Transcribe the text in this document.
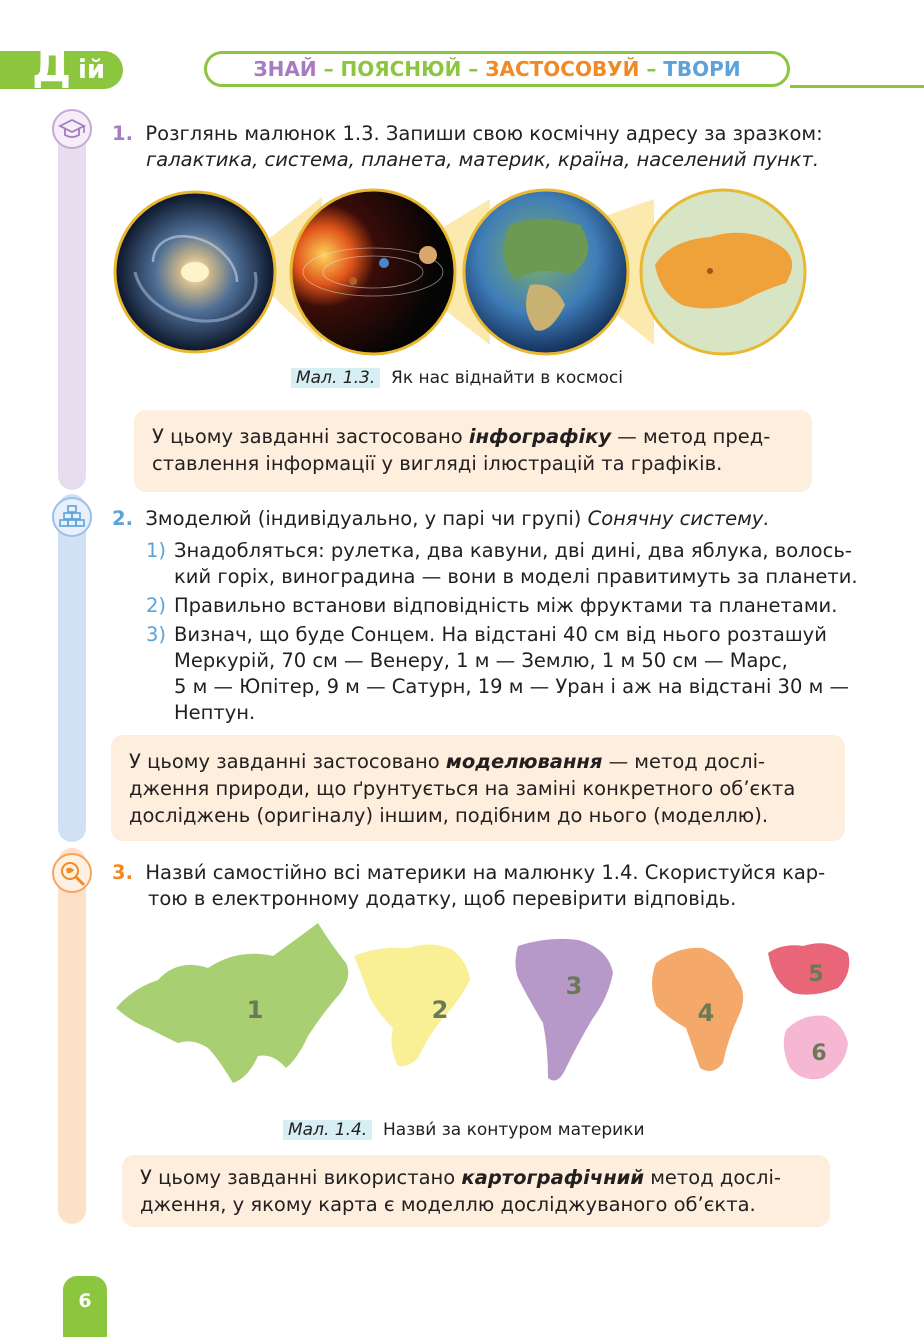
Д ій	ЗНАЙ – ПОЯСНЮЙ – ЗАСТОСОВУЙ – ТВОРИ
1. Розглянь малюнок 1.3. Запиши свою космічну адресу за зразком:
галактика, система, планета, материк, країна, населений пункт.
Мал. 1.3. Як нас віднайти в космосі
У цьому завданні застосовано інфографіку — метод пред-
ставлення інформації у вигляді ілюстрацій та графіків.
2. Змоделюй (індивідуально, у парі чи групі) Сонячну систему.
1) Знадобляться: рулетка, два кавуни, дві дині, два яблука, волось-
кий горіх, виноградина — вони в моделі правитимуть за планети.
2) Правильно встанови відповідність між фруктами та планетами.
3) Визнач, що буде Сонцем. На відстані 40 см від нього розташуй
Меркурій, 70 см — Венеру, 1 м — Землю, 1 м 50 см — Марс,
5 м — Юпітер, 9 м — Сатурн, 19 м — Уран і аж на відстані 30 м —
Нептун.
У цьому завданні застосовано моделювання — метод дослі-
дження природи, що ґрунтується на заміні конкретного об’єкта
досліджень (оригіналу) іншим, подібним до нього (моделлю).
3. Назви́ самостійно всі материки на малюнку 1.4. Скористуйся кар-
тою в електронному додатку, щоб перевірити відповідь.
1	2
3
4
5
6
Мал. 1.4. Назви́ за контуром материки
У цьому завданні використано картографічний метод дослі-
дження, у якому карта є моделлю досліджуваного об’єкта.
6
